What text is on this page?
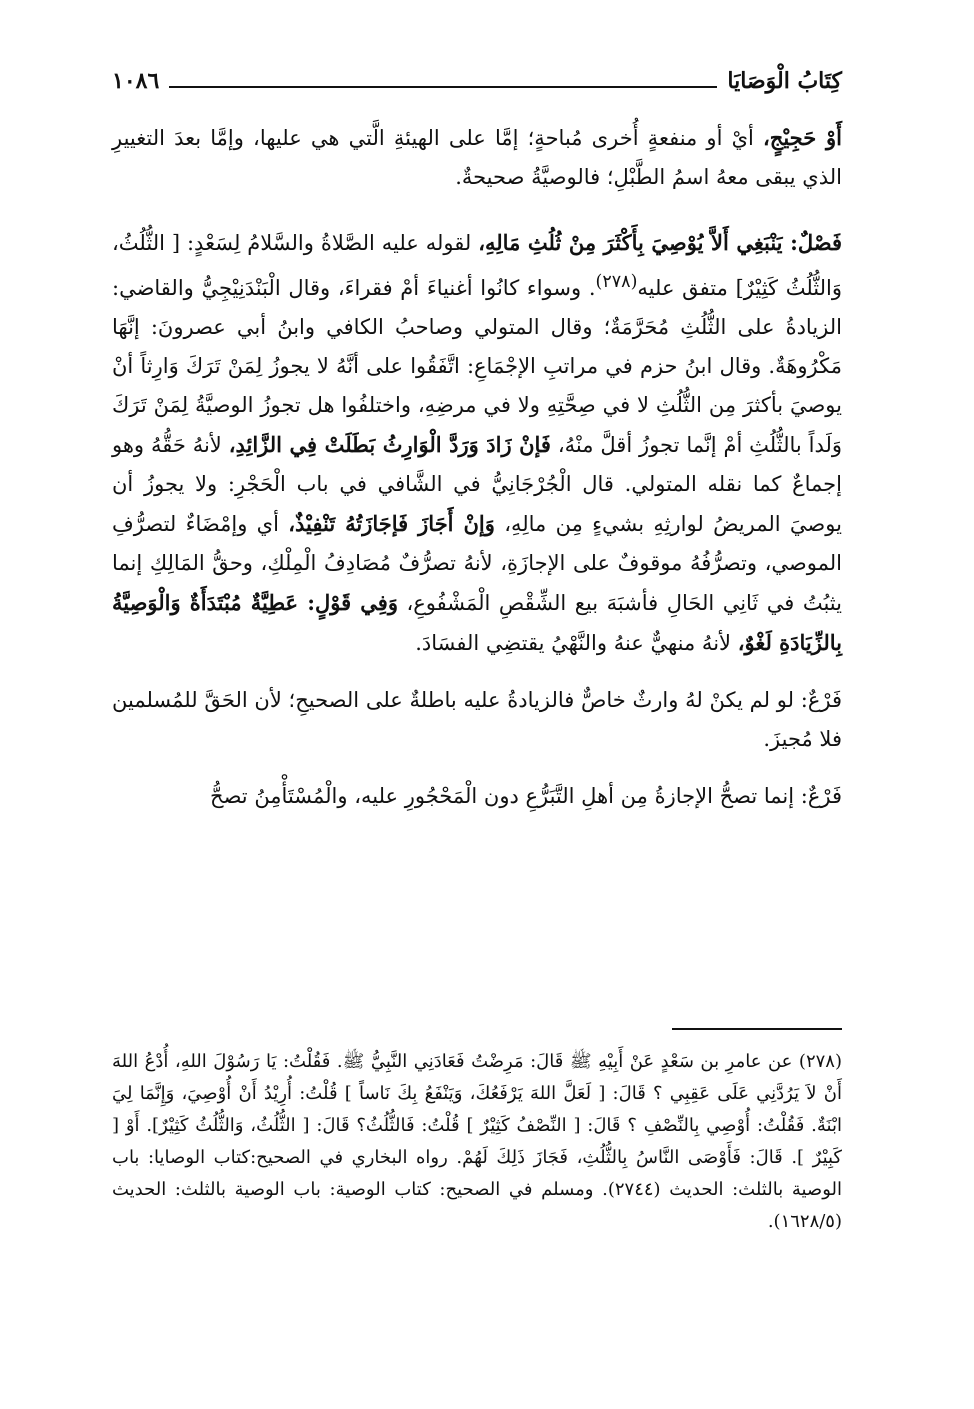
كِتَابُ الْوَصَايَا
١٠٨٦

أَوْ حَجِيْجٍ، أيْ أو منفعةٍ أُخرى مُباحةٍ؛ إمَّا على الهيئةِ الَّتي هي عليها، وإمَّا بعدَ التغييرِ الذي يبقى معهُ اسمُ الطَّبْلِ؛ فالوصيَّةُ صحيحةٌ.

فَصْلٌ: يَنْبَغِي أَلاَّ يُوْصِيَ بِأَكْثَرَ مِنْ ثُلُثِ مَالِهِ، لقوله عليه الصَّلاةُ والسَّلامُ لِسَعْدٍ: [ الثُّلُثُ، وَالثُّلُثُ كَثِيْرٌ] متفق عليه$^{(٢٧٨)}$. وسواء كانُوا أغنياءَ أمْ فقراءَ، وقال الْبَنْدَنِيْجِيُّ والقاضي: الزيادةُ على الثُّلُثِ مُحَرَّمَةٌ؛ وقال المتولي وصاحبُ الكافي وابنُ أبي عصرونَ: إنَّهَا مَكْرُوهَةٌ. وقال ابنُ حزم في مراتبِ الإجْمَاعِ: اتَّفَقُوا على أنَّهُ لا يجوزُ لِمَنْ تَرَكَ وَارِثاً أنْ يوصيَ بأكثرَ مِن الثُّلُثِ لا في صِحَّتِهِ ولا في مرضِهِ، واختلفُوا هل تجوزُ الوصيَّةُ لِمَنْ تَرَكَ وَلَداً بالثُّلُثِ أمْ إنَّما تجوزُ أقلَّ منْهُ، فَإنْ زَادَ وَرَدَّ الْوَارِثُ بَطَلَتْ فِي الزَّائِدِ، لأنهُ حَقُّهُ وهو إجماعٌ كما نقله المتولي. قال الْجُرْجَانِيُّ في الشَّافي في باب الْحَجْرِ: ولا يجوزُ أن يوصيَ المريضُ لوارثِهِ بشيءٍ مِن مالِهِ، وَإنْ أَجَازَ فَإجَازَتُهُ تَنْفِيْذٌ، أي وإمْضَاءٌ لتصرُّفِ الموصي، وتصرُّفُهُ موقوفٌ على الإجازَةِ، لأنهُ تصرُّفٌ مُصَادِفُ الْمِلْكِ، وحقُّ المَالِكِ إنما يثبُتُ في ثَانِي الحَالِ فأشبَهَ بيع الشِّقْصِ الْمَشْفُوعِ، وَفِي قَوْلٍ: عَطِيَّةٌ مُبْتَدَأَةٌ وَالْوَصِيَّةُ بِالزِّيَادَةِ لَغْوٌ، لأنهُ منهيٌّ عنهُ والنَّهْيُ يقتضِي الفسَادَ.

فَرْعٌ: لو لم يكنْ لهُ وارثٌ خاصٌّ فالزيادةُ عليه باطلةٌ على الصحيحِ؛ لأن الحَقَّ للمُسلمين فلا مُجيزَ.

فَرْعٌ: إنما تصحُّ الإجازةُ مِن أهلِ التَّبَرُّعِ دون الْمَحْجُورِ عليه، والْمُسْتَأْمِنُ تصحُّ

(٢٧٨) عن عامرِ بن سَعْدٍ عَنْ أَبِيْهِ ﷺ قَالَ: مَرِضْتُ فَعَادَنِي النَّبِيُّ ﷺ. فَقُلْتُ: يَا رَسُوْلَ اللهِ، أُدْعُ اللهَ أَنْ لاَ يَرُدَّنِي عَلَى عَقِبِي ؟ قَالَ: [ لَعَلَّ اللهَ يَرْفَعُكَ، وَيَنْفَعُ بِكَ نَاساً ] قُلْتُ: أُرِيْدُ أَنْ أُوْصِيَ، وَإِنَّمَا لِيَ ابْنَةٌ. فَقُلْتُ: أُوْصِي بِالنِّصْفِ ؟ قَالَ: [ النِّصْفُ كَثِيْرٌ ] قُلْتُ: فَالثُّلُثُ؟ قَالَ: [ الثُّلُثُ، وَالثُّلُثُ كَثِيْرٌ]. أَوْ [ كَبِيْرٌ ]. قَالَ: فَأَوْصَى النَّاسُ بِالثُّلُثِ، فَجَازَ ذَلِكَ لَهُمْ. رواه البخاري في الصحيح:كتاب الوصايا: باب الوصية بالثلث: الحديث (٢٧٤٤). ومسلم في الصحيح: كتاب الوصية: باب الوصية بالثلث: الحديث (١٦٢٨/٥).
